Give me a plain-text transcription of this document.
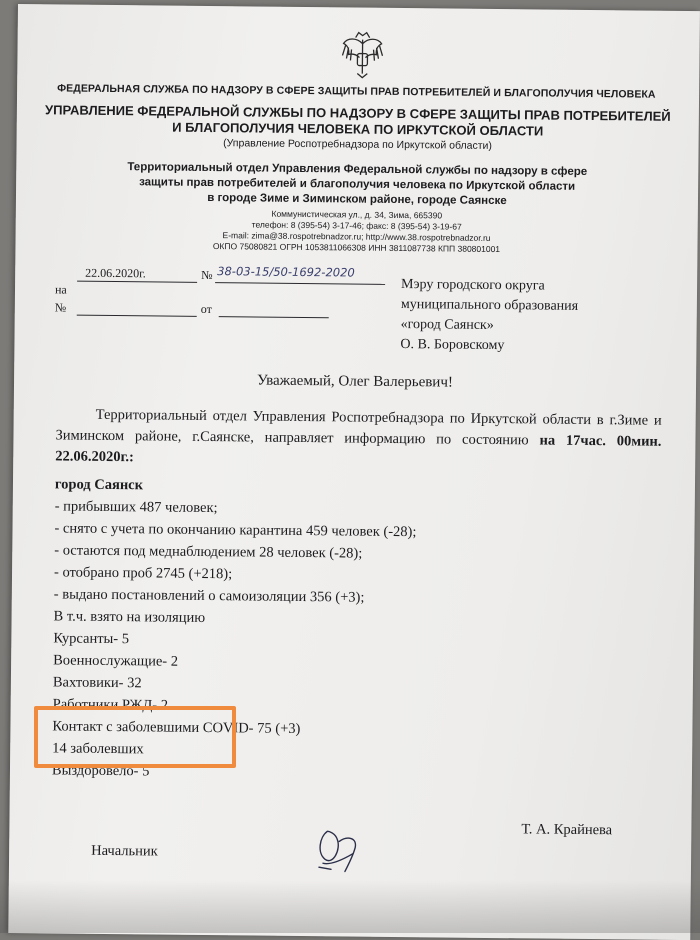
ФЕДЕРАЛЬНАЯ СЛУЖБА ПО НАДЗОРУ В СФЕРЕ ЗАЩИТЫ ПРАВ ПОТРЕБИТЕЛЕЙ И БЛАГОПОЛУЧИЯ ЧЕЛОВЕКА
УПРАВЛЕНИЕ ФЕДЕРАЛЬНОЙ СЛУЖБЫ ПО НАДЗОРУ В СФЕРЕ ЗАЩИТЫ ПРАВ ПОТРЕБИТЕЛЕЙ
И БЛАГОПОЛУЧИЯ ЧЕЛОВЕКА ПО ИРКУТСКОЙ ОБЛАСТИ
(Управление Роспотребнадзора по Иркутской области)
Территориальный отдел Управления Федеральной службы по надзору в сфере
защиты прав потребителей и благополучия человека по Иркутской области
в городе Зиме и Зиминском районе, городе Саянске
Коммунистическая ул., д. 34, Зима, 665390
телефон: 8 (395-54) 3-17-46; факс: 8 (395-54) 3-19-67
E-mail: zima@38.rospotrebnadzor.ru; http://www.38.rospotrebnadzor.ru
ОКПО 75080821 ОГРН 1053811066308 ИНН 3811087738 КПП 380801001
22.06.2020г.	№ 38-03-15/50-1692-2020
на
№	от
Мэру городского округа
муниципального образования
«город Саянск»
О. В. Боровскому
Уважаемый, Олег Валерьевич!
Территориальный отдел Управления Роспотребнадзора по Иркутской области в г.Зиме и Зиминском районе, г.Саянске, направляет информацию по состоянию на 17час. 00мин. 22.06.2020г.:
город Саянск
- прибывших 487 человек;
- снято с учета по окончанию карантина 459 человек (-28);
- остаются под меднаблюдением 28 человек (-28);
- отобрано проб 2745 (+218);
- выдано постановлений о самоизоляции 356 (+3);
В т.ч. взято на изоляцию
Курсанты- 5
Военнослужащие- 2
Вахтовики- 32
Работники РЖД- 2
Контакт с заболевшими COVID- 75 (+3)
14 заболевших
Выздоровело- 5
Начальник
Т. А. Крайнева
